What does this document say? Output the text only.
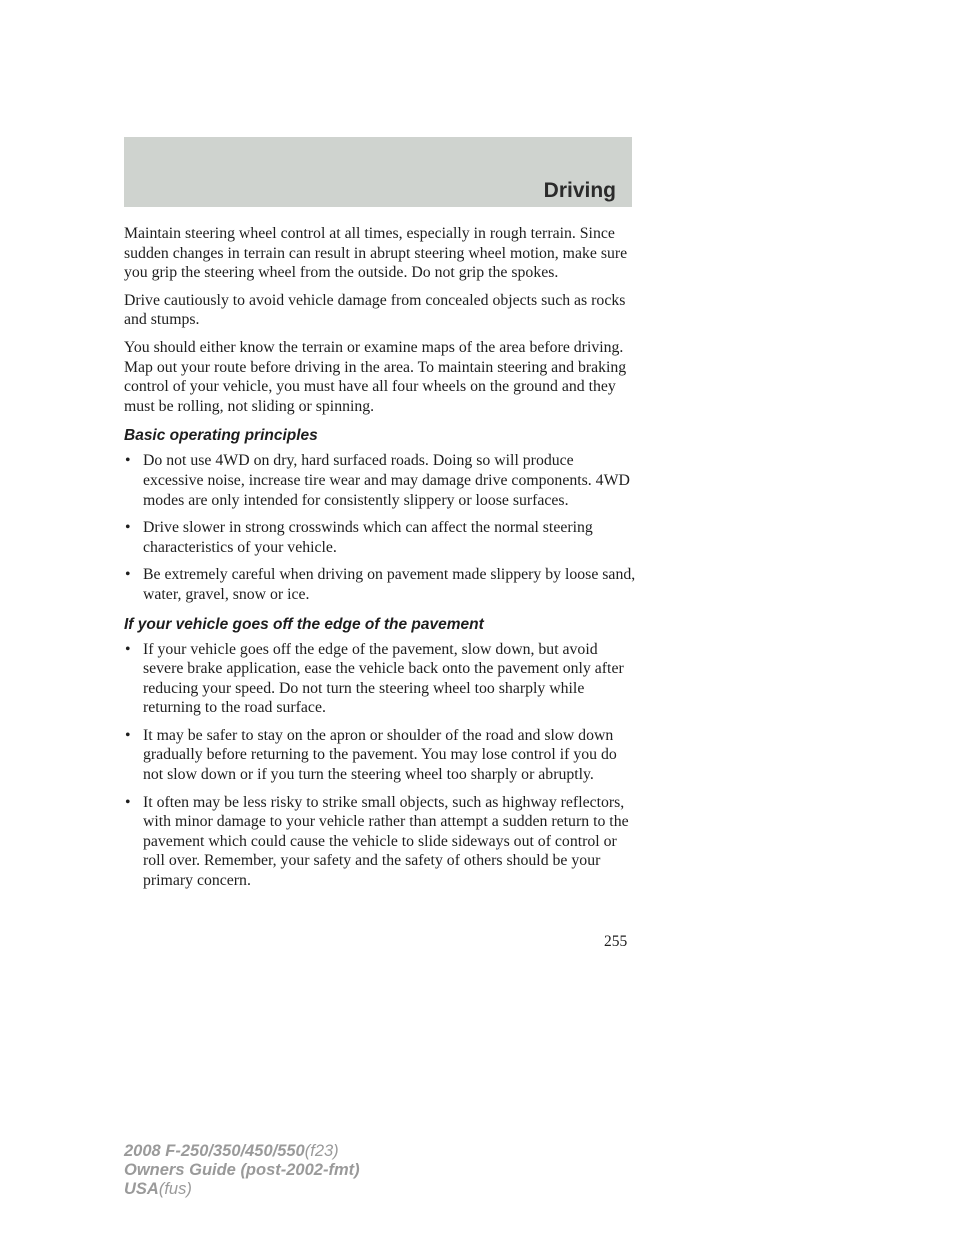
Driving

Maintain steering wheel control at all times, especially in rough terrain. Since sudden changes in terrain can result in abrupt steering wheel motion, make sure you grip the steering wheel from the outside. Do not grip the spokes.

Drive cautiously to avoid vehicle damage from concealed objects such as rocks and stumps.

You should either know the terrain or examine maps of the area before driving. Map out your route before driving in the area. To maintain steering and braking control of your vehicle, you must have all four wheels on the ground and they must be rolling, not sliding or spinning.

Basic operating principles
• Do not use 4WD on dry, hard surfaced roads. Doing so will produce excessive noise, increase tire wear and may damage drive components. 4WD modes are only intended for consistently slippery or loose surfaces.
• Drive slower in strong crosswinds which can affect the normal steering characteristics of your vehicle.
• Be extremely careful when driving on pavement made slippery by loose sand, water, gravel, snow or ice.
If your vehicle goes off the edge of the pavement
• If your vehicle goes off the edge of the pavement, slow down, but avoid severe brake application, ease the vehicle back onto the pavement only after reducing your speed. Do not turn the steering wheel too sharply while returning to the road surface.
• It may be safer to stay on the apron or shoulder of the road and slow down gradually before returning to the pavement. You may lose control if you do not slow down or if you turn the steering wheel too sharply or abruptly.
• It often may be less risky to strike small objects, such as highway reflectors, with minor damage to your vehicle rather than attempt a sudden return to the pavement which could cause the vehicle to slide sideways out of control or roll over. Remember, your safety and the safety of others should be your primary concern.
255
2008 F-250/350/450/550(f23)
Owners Guide (post-2002-fmt)
USA(fus)
